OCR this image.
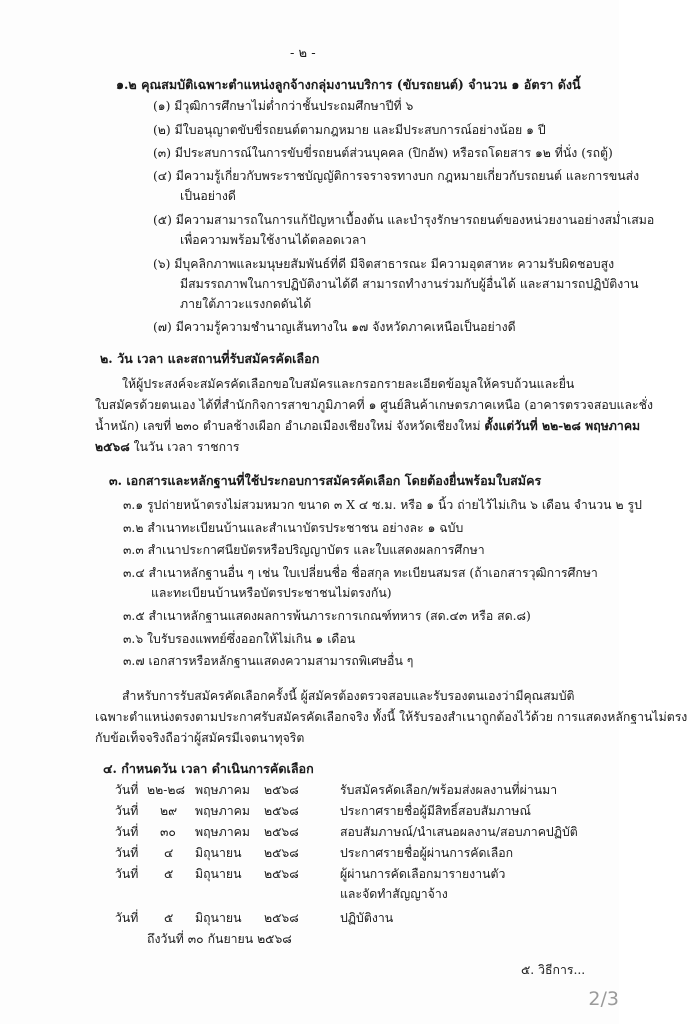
- ๒ -
๑.๒ คุณสมบัติเฉพาะตำแหน่งลูกจ้างกลุ่มงานบริการ (ขับรถยนต์) จำนวน ๑ อัตรา ดังนี้
(๑) มีวุฒิการศึกษาไม่ต่ำกว่าชั้นประถมศึกษาปีที่ ๖
(๒) มีใบอนุญาตขับขี่รถยนต์ตามกฎหมาย และมีประสบการณ์อย่างน้อย ๑ ปี
(๓) มีประสบการณ์ในการขับขี่รถยนต์ส่วนบุคคล (ปิกอัพ) หรือรถโดยสาร ๑๒ ที่นั่ง (รถตู้)
(๔) มีความรู้เกี่ยวกับพระราชบัญญัติการจราจรทางบก กฎหมายเกี่ยวกับรถยนต์ และการขนส่ง
เป็นอย่างดี
(๕) มีความสามารถในการแก้ปัญหาเบื้องต้น และบำรุงรักษารถยนต์ของหน่วยงานอย่างสม่ำเสมอ
เพื่อความพร้อมใช้งานได้ตลอดเวลา
(๖) มีบุคลิกภาพและมนุษยสัมพันธ์ที่ดี มีจิตสาธารณะ มีความอุตสาหะ ความรับผิดชอบสูง
มีสมรรถภาพในการปฏิบัติงานได้ดี สามารถทำงานร่วมกับผู้อื่นได้ และสามารถปฏิบัติงาน
ภายใต้ภาวะแรงกดดันได้
(๗) มีความรู้ความชำนาญเส้นทางใน ๑๗ จังหวัดภาคเหนือเป็นอย่างดี
๒. วัน เวลา และสถานที่รับสมัครคัดเลือก
ให้ผู้ประสงค์จะสมัครคัดเลือกขอใบสมัครและกรอกรายละเอียดข้อมูลให้ครบถ้วนและยื่น
ใบสมัครด้วยตนเอง ได้ที่สำนักกิจการสาขาภูมิภาคที่ ๑ ศูนย์สินค้าเกษตรภาคเหนือ (อาคารตรวจสอบและชั่ง
น้ำหนัก) เลขที่ ๒๓๐ ตำบลช้างเผือก อำเภอเมืองเชียงใหม่ จังหวัดเชียงใหม่ ตั้งแต่วันที่ ๒๒-๒๘ พฤษภาคม
๒๕๖๘ ในวัน เวลา ราชการ
๓. เอกสารและหลักฐานที่ใช้ประกอบการสมัครคัดเลือก โดยต้องยื่นพร้อมใบสมัคร
๓.๑ รูปถ่ายหน้าตรงไม่สวมหมวก ขนาด ๓ X ๔ ซ.ม. หรือ ๑ นิ้ว ถ่ายไว้ไม่เกิน ๖ เดือน จำนวน ๒ รูป
๓.๒ สำเนาทะเบียนบ้านและสำเนาบัตรประชาชน อย่างละ ๑ ฉบับ
๓.๓ สำเนาประกาศนียบัตรหรือปริญญาบัตร และใบแสดงผลการศึกษา
๓.๔ สำเนาหลักฐานอื่น ๆ เช่น ใบเปลี่ยนชื่อ ชื่อสกุล ทะเบียนสมรส (ถ้าเอกสารวุฒิการศึกษา
และทะเบียนบ้านหรือบัตรประชาชนไม่ตรงกัน)
๓.๕ สำเนาหลักฐานแสดงผลการพ้นภาระการเกณฑ์ทหาร (สด.๔๓ หรือ สด.๘)
๓.๖ ใบรับรองแพทย์ซึ่งออกให้ไม่เกิน ๑ เดือน
๓.๗ เอกสารหรือหลักฐานแสดงความสามารถพิเศษอื่น ๆ
สำหรับการรับสมัครคัดเลือกครั้งนี้ ผู้สมัครต้องตรวจสอบและรับรองตนเองว่ามีคุณสมบัติ
เฉพาะตำแหน่งตรงตามประกาศรับสมัครคัดเลือกจริง ทั้งนี้ ให้รับรองสำเนาถูกต้องไว้ด้วย การแสดงหลักฐานไม่ตรง
กับข้อเท็จจริงถือว่าผู้สมัครมีเจตนาทุจริต
๔. กำหนดวัน เวลา ดำเนินการคัดเลือก
วันที่ ๒๒-๒๘ พฤษภาคม ๒๕๖๘	รับสมัครคัดเลือก/พร้อมส่งผลงานที่ผ่านมา
วันที่ ๒๙ พฤษภาคม ๒๕๖๘	ประกาศรายชื่อผู้มีสิทธิ์สอบสัมภาษณ์
วันที่ ๓๐ พฤษภาคม ๒๕๖๘	สอบสัมภาษณ์/นำเสนอผลงาน/สอบภาคปฏิบัติ
วันที่ ๔ มิถุนายน ๒๕๖๘	ประกาศรายชื่อผู้ผ่านการคัดเลือก
วันที่ ๕ มิถุนายน ๒๕๖๘	ผู้ผ่านการคัดเลือกมารายงานตัว
และจัดทำสัญญาจ้าง
วันที่ ๕ มิถุนายน ๒๕๖๘	ปฏิบัติงาน
ถึงวันที่ ๓๐ กันยายน ๒๕๖๘
๕. วิธีการ...
2/3
